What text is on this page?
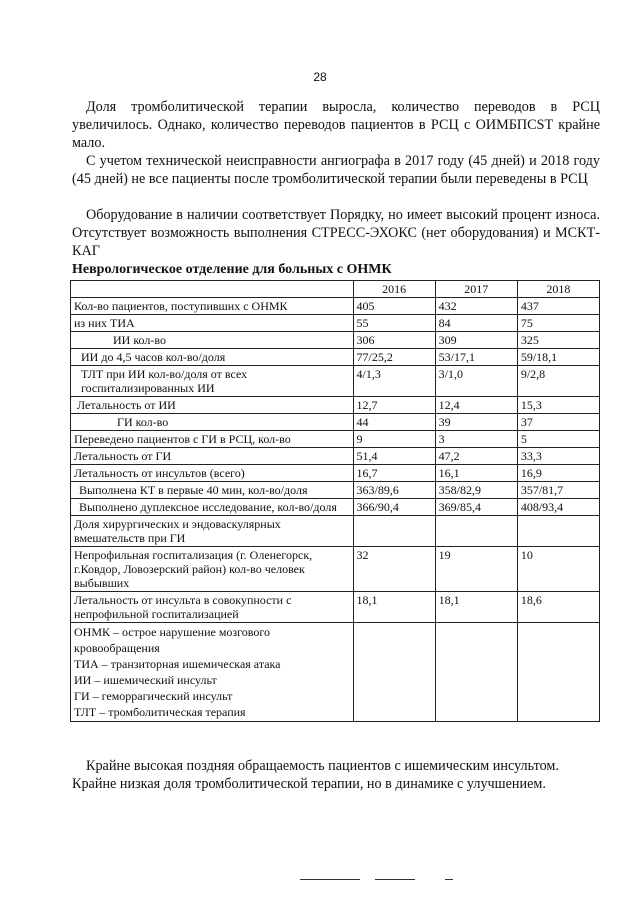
28

Доля тромболитической терапии выросла, количество переводов в РСЦ увеличилось. Однако, количество переводов пациентов в РСЦ с ОИМБПСST крайне мало.

С учетом технической неисправности ангиографа в 2017 году (45 дней) и 2018 году (45 дней) не все пациенты после тромболитической терапии были переведены в РСЦ

Оборудование в наличии соответствует Порядку, но имеет высокий процент износа. Отсутствует возможность выполнения СТРЕСС-ЭХОКС (нет оборудования) и МСКТ-КАГ

Неврологическое отделение для больных с ОНМК

	2016	2017	2018
Кол-во пациентов, поступивших с ОНМК	405	432	437
из них ТИА	55	84	75
ИИ кол-во	306	309	325
ИИ до 4,5 часов кол-во/доля	77/25,2	53/17,1	59/18,1
ТЛТ при ИИ кол-во/доля от всех госпитализированных ИИ	4/1,3	3/1,0	9/2,8
Летальность от ИИ	12,7	12,4	15,3
ГИ кол-во	44	39	37
Переведено пациентов с ГИ в РСЦ, кол-во	9	3	5
Летальность от ГИ	51,4	47,2	33,3
Летальность от инсультов (всего)	16,7	16,1	16,9
Выполнена КТ в первые 40 мин, кол-во/доля	363/89,6	358/82,9	357/81,7
Выполнено дуплексное исследование, кол-во/доля	366/90,4	369/85,4	408/93,4
Доля хирургических и эндоваскулярных вмешательств при ГИ			
Непрофильная госпитализация (г. Оленегорск, г.Ковдор, Ловозерский район) кол-во человек выбывших	32	19	10
Летальность от инсульта в совокупности с непрофильной госпитализацией	18,1	18,1	18,6

ОНМК – острое нарушение мозгового кровообращения
ТИА – транзиторная ишемическая атака
ИИ – ишемический инсульт
ГИ – геморрагический инсульт
ТЛТ – тромболитическая терапия			

Крайне высокая поздняя обращаемость пациентов с ишемическим инсультом.
Крайне низкая доля тромболитической терапии, но в динамике с улучшением.
